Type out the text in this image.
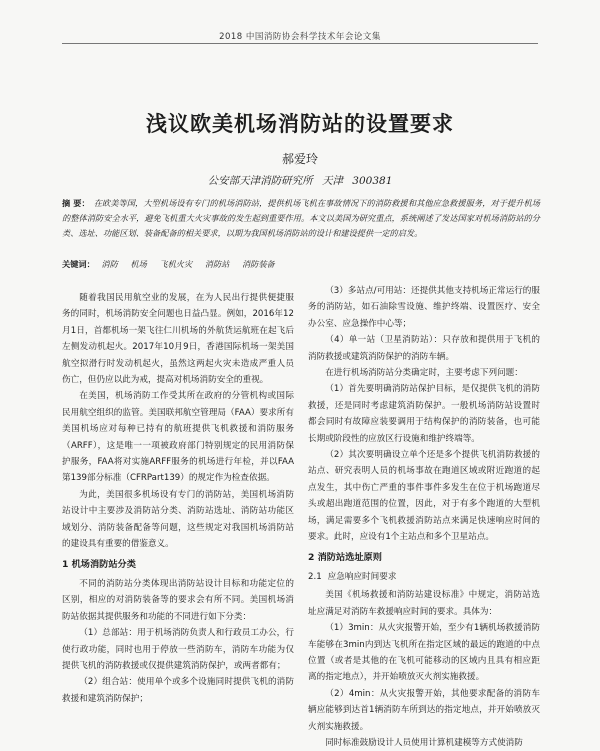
2018 中国消防协会科学技术年会论文集
浅议欧美机场消防站的设置要求
郝爱玲
公安部天津消防研究所 天津 300381
摘 要： 在欧美等国，大型机场设有专门的机场消防站，提供机场飞机在事故情况下的消防救援和其他应急救援服务，对于提升机场的整体消防安全水平，避免飞机重大火灾事故的发生起到重要作用。本文以美国为研究重点，系统阐述了发达国家对机场消防站的分类、选址、功能区划、装备配备的相关要求，以期为我国机场消防站的设计和建设提供一定的启发。
关键词： 消防 机场 飞机火灾 消防站 消防装备

随着我国民用航空业的发展，在为人民出行提供便捷服务的同时，机场消防安全问题也日益凸显。例如，2016年12月1日，首都机场一架飞往仁川机场的外航货运航班在起飞后左侧发动机起火。2017年10月9日，香港国际机场一架美国航空拟滑行时发动机起火，虽然这两起火灾未造成严重人员伤亡，但仍应以此为戒，提高对机场消防安全的重视。

在美国，机场消防工作受其所在政府的分管机构或国际民用航空组织的监管。美国联邦航空管理局（FAA）要求所有美国机场应对每种已持有的航班提供飞机救援和消防服务（ARFF），这是唯一一项被政府部门特别规定的民用消防保护服务，FAA将对实施ARFF服务的机场进行年检，并以FAA第139部分标准（CFRPart139）的规定作为检查依据。

为此，美国很多机场设有专门的消防站，美国机场消防站设计中主要涉及消防站分类、消防站选址、消防站功能区域划分、消防装备配备等问题，这些规定对我国机场消防站的建设具有重要的借鉴意义。

1 机场消防站分类

不同的消防站分类体现出消防站设计目标和功能定位的区别，相应的对消防装备等的要求会有所不同。美国机场消防站依据其提供服务和功能的不同进行如下分类：

（1）总部站：用于机场消防负责人和行政员工办公，行使行政功能，同时也用于停放一些消防车，消防车功能为仅提供飞机的消防救援或仅提供建筑消防保护，或两者都有；

（2）组合站：使用单个或多个设施同时提供飞机的消防救援和建筑消防保护；

（3）多站点/可用站：还提供其他支持机场正常运行的服务的消防站，如石油除雪设施、维护终端、设置医疗、安全办公室、应急操作中心等；

（4）单一站（卫星消防站）：只存放和提供用于飞机的消防救援或建筑消防保护的消防车辆。

在进行机场消防站分类确定时，主要考虑下列问题：

（1）首先要明确消防站保护目标，是仅提供飞机的消防救援，还是同时考虑建筑消防保护。一般机场消防站设置时都会同时有故障应装要调用于结构保护的消防装备，也可能长期或阶段性的应放区行设施和维护终端等。

（2）其次要明确设立单个还是多个提供飞机消防救援的站点、研究表明人员的机场事故在跑道区域或附近跑道的起点发生，其中伤亡严重的事件事件多发生在位于机场跑道尽头或超出跑道范围的位置，因此，对于有多个跑道的大型机场，满足需要多个飞机救援消防站点来满足快速响应时间的要求。此时，应设有1个主站点和多个卫星站点。

2 消防站选址原则
2.1 应急响应时间要求

美国《机场救援和消防站建设标准》中规定，消防站选址应满足对消防车救援响应时间的要求。具体为：

（1）3min：从火灾报警开始，至少有1辆机场救援消防车能够在3min内到达飞机所在指定区域的最远的跑道的中点位置（或者是其他的在飞机可能移动的区域内且具有相应距离的指定地点），并开始喷放灭火剂实施救援。

（2）4min：从火灾报警开始，其他要求配备的消防车辆应能够到达首1辆消防车所到达的指定地点，并开始喷放灭火剂实施救援。

同时标准鼓励设计人员使用计算机建模等方式使消防
